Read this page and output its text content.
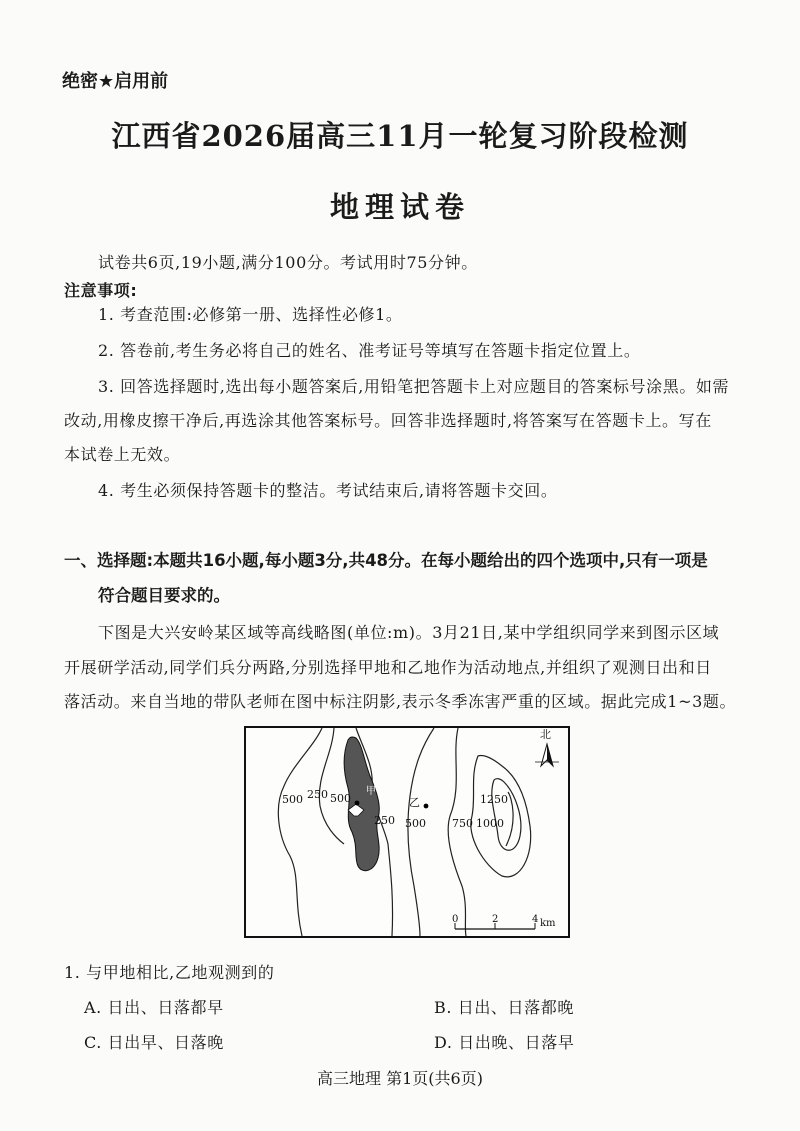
绝密★启用前
江西省2026届高三11月一轮复习阶段检测
地理试卷
试卷共6页,19小题,满分100分。考试用时75分钟。
注意事项:
1. 考查范围:必修第一册、选择性必修1。
2. 答卷前,考生务必将自己的姓名、准考证号等填写在答题卡指定位置上。
3. 回答选择题时,选出每小题答案后,用铅笔把答题卡上对应题目的答案标号涂黑。如需
改动,用橡皮擦干净后,再选涂其他答案标号。回答非选择题时,将答案写在答题卡上。写在
本试卷上无效。
4. 考生必须保持答题卡的整洁。考试结束后,请将答题卡交回。
一、选择题:本题共16小题,每小题3分,共48分。在每小题给出的四个选项中,只有一项是
符合题目要求的。
下图是大兴安岭某区域等高线略图(单位:m)。3月21日,某中学组织同学来到图示区域
开展研学活动,同学们兵分两路,分别选择甲地和乙地作为活动地点,并组织了观测日出和日
落活动。来自当地的带队老师在图中标注阴影,表示冬季冻害严重的区域。据此完成1~3题。
500 250 500
甲
250
乙
500 750 1000
1250
北
0	2	4 km
1. 与甲地相比,乙地观测到的
A. 日出、日落都早	B. 日出、日落都晚
C. 日出早、日落晚	D. 日出晚、日落早
高三地理 第1页(共6页)
